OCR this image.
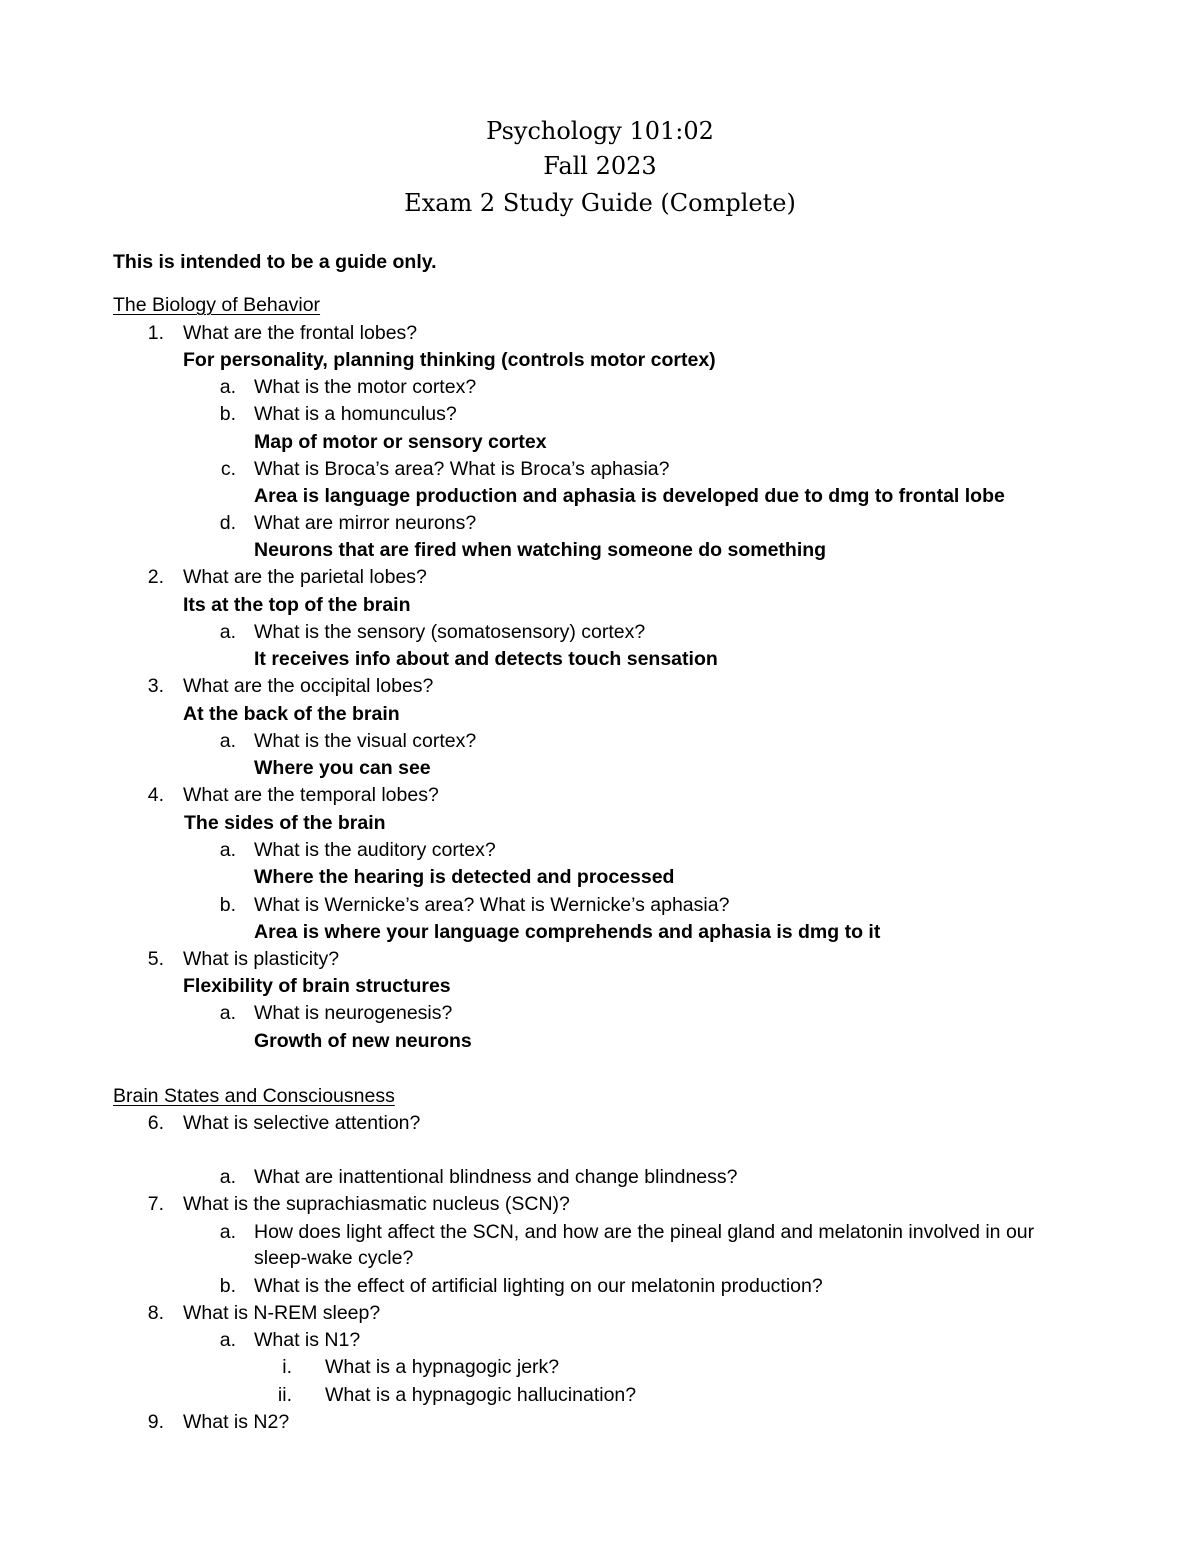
Psychology 101:02
Fall 2023
Exam 2 Study Guide (Complete)
This is intended to be a guide only.
The Biology of Behavior
1. What are the frontal lobes?
For personality, planning thinking (controls motor cortex)
a. What is the motor cortex?
b. What is a homunculus?
Map of motor or sensory cortex
c. What is Broca’s area? What is Broca’s aphasia?
Area is language production and aphasia is developed due to dmg to frontal lobe
d. What are mirror neurons?
Neurons that are fired when watching someone do something
2. What are the parietal lobes?
Its at the top of the brain
a. What is the sensory (somatosensory) cortex?
It receives info about and detects touch sensation
3. What are the occipital lobes?
At the back of the brain
a. What is the visual cortex?
Where you can see
4. What are the temporal lobes?
The sides of the brain
a. What is the auditory cortex?
Where the hearing is detected and processed
b. What is Wernicke’s area? What is Wernicke’s aphasia?
Area is where your language comprehends and aphasia is dmg to it
5. What is plasticity?
Flexibility of brain structures
a. What is neurogenesis?
Growth of new neurons
Brain States and Consciousness
6. What is selective attention?
a. What are inattentional blindness and change blindness?
7. What is the suprachiasmatic nucleus (SCN)?
a. How does light affect the SCN, and how are the pineal gland and melatonin involved in our
sleep-wake cycle?
b. What is the effect of artificial lighting on our melatonin production?
8. What is N-REM sleep?
a. What is N1?
i. What is a hypnagogic jerk?
ii. What is a hypnagogic hallucination?
9. What is N2?
